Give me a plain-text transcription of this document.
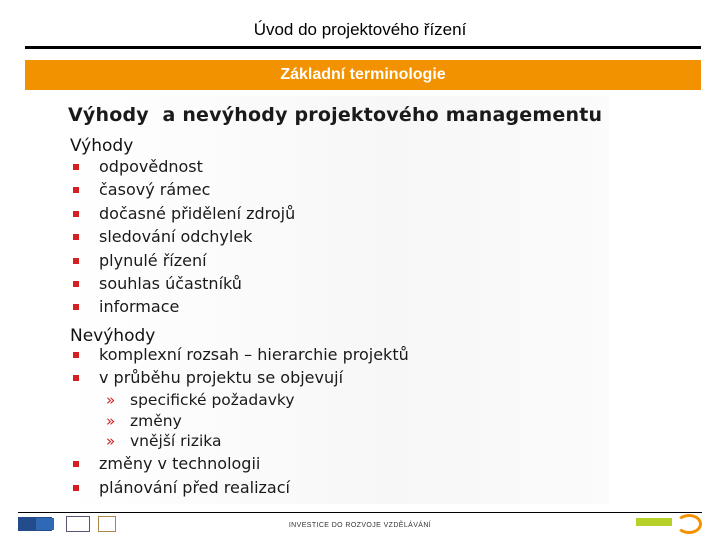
Úvod do projektového řízení
Základní terminologie
Výhody  a nevýhody projektového managementu
Výhody
odpovědnost
časový rámec
dočasné přidělení zdrojů
sledování odchylek
plynulé řízení
souhlas účastníků
informace
Nevýhody
komplexní rozsah – hierarchie projektů
v průběhu projektu se objevují
» specifické požadavky
» změny
» vnější rizika
změny v technologii
plánování před realizací
INVESTICE DO ROZVOJE VZDĚLÁVÁNÍ
